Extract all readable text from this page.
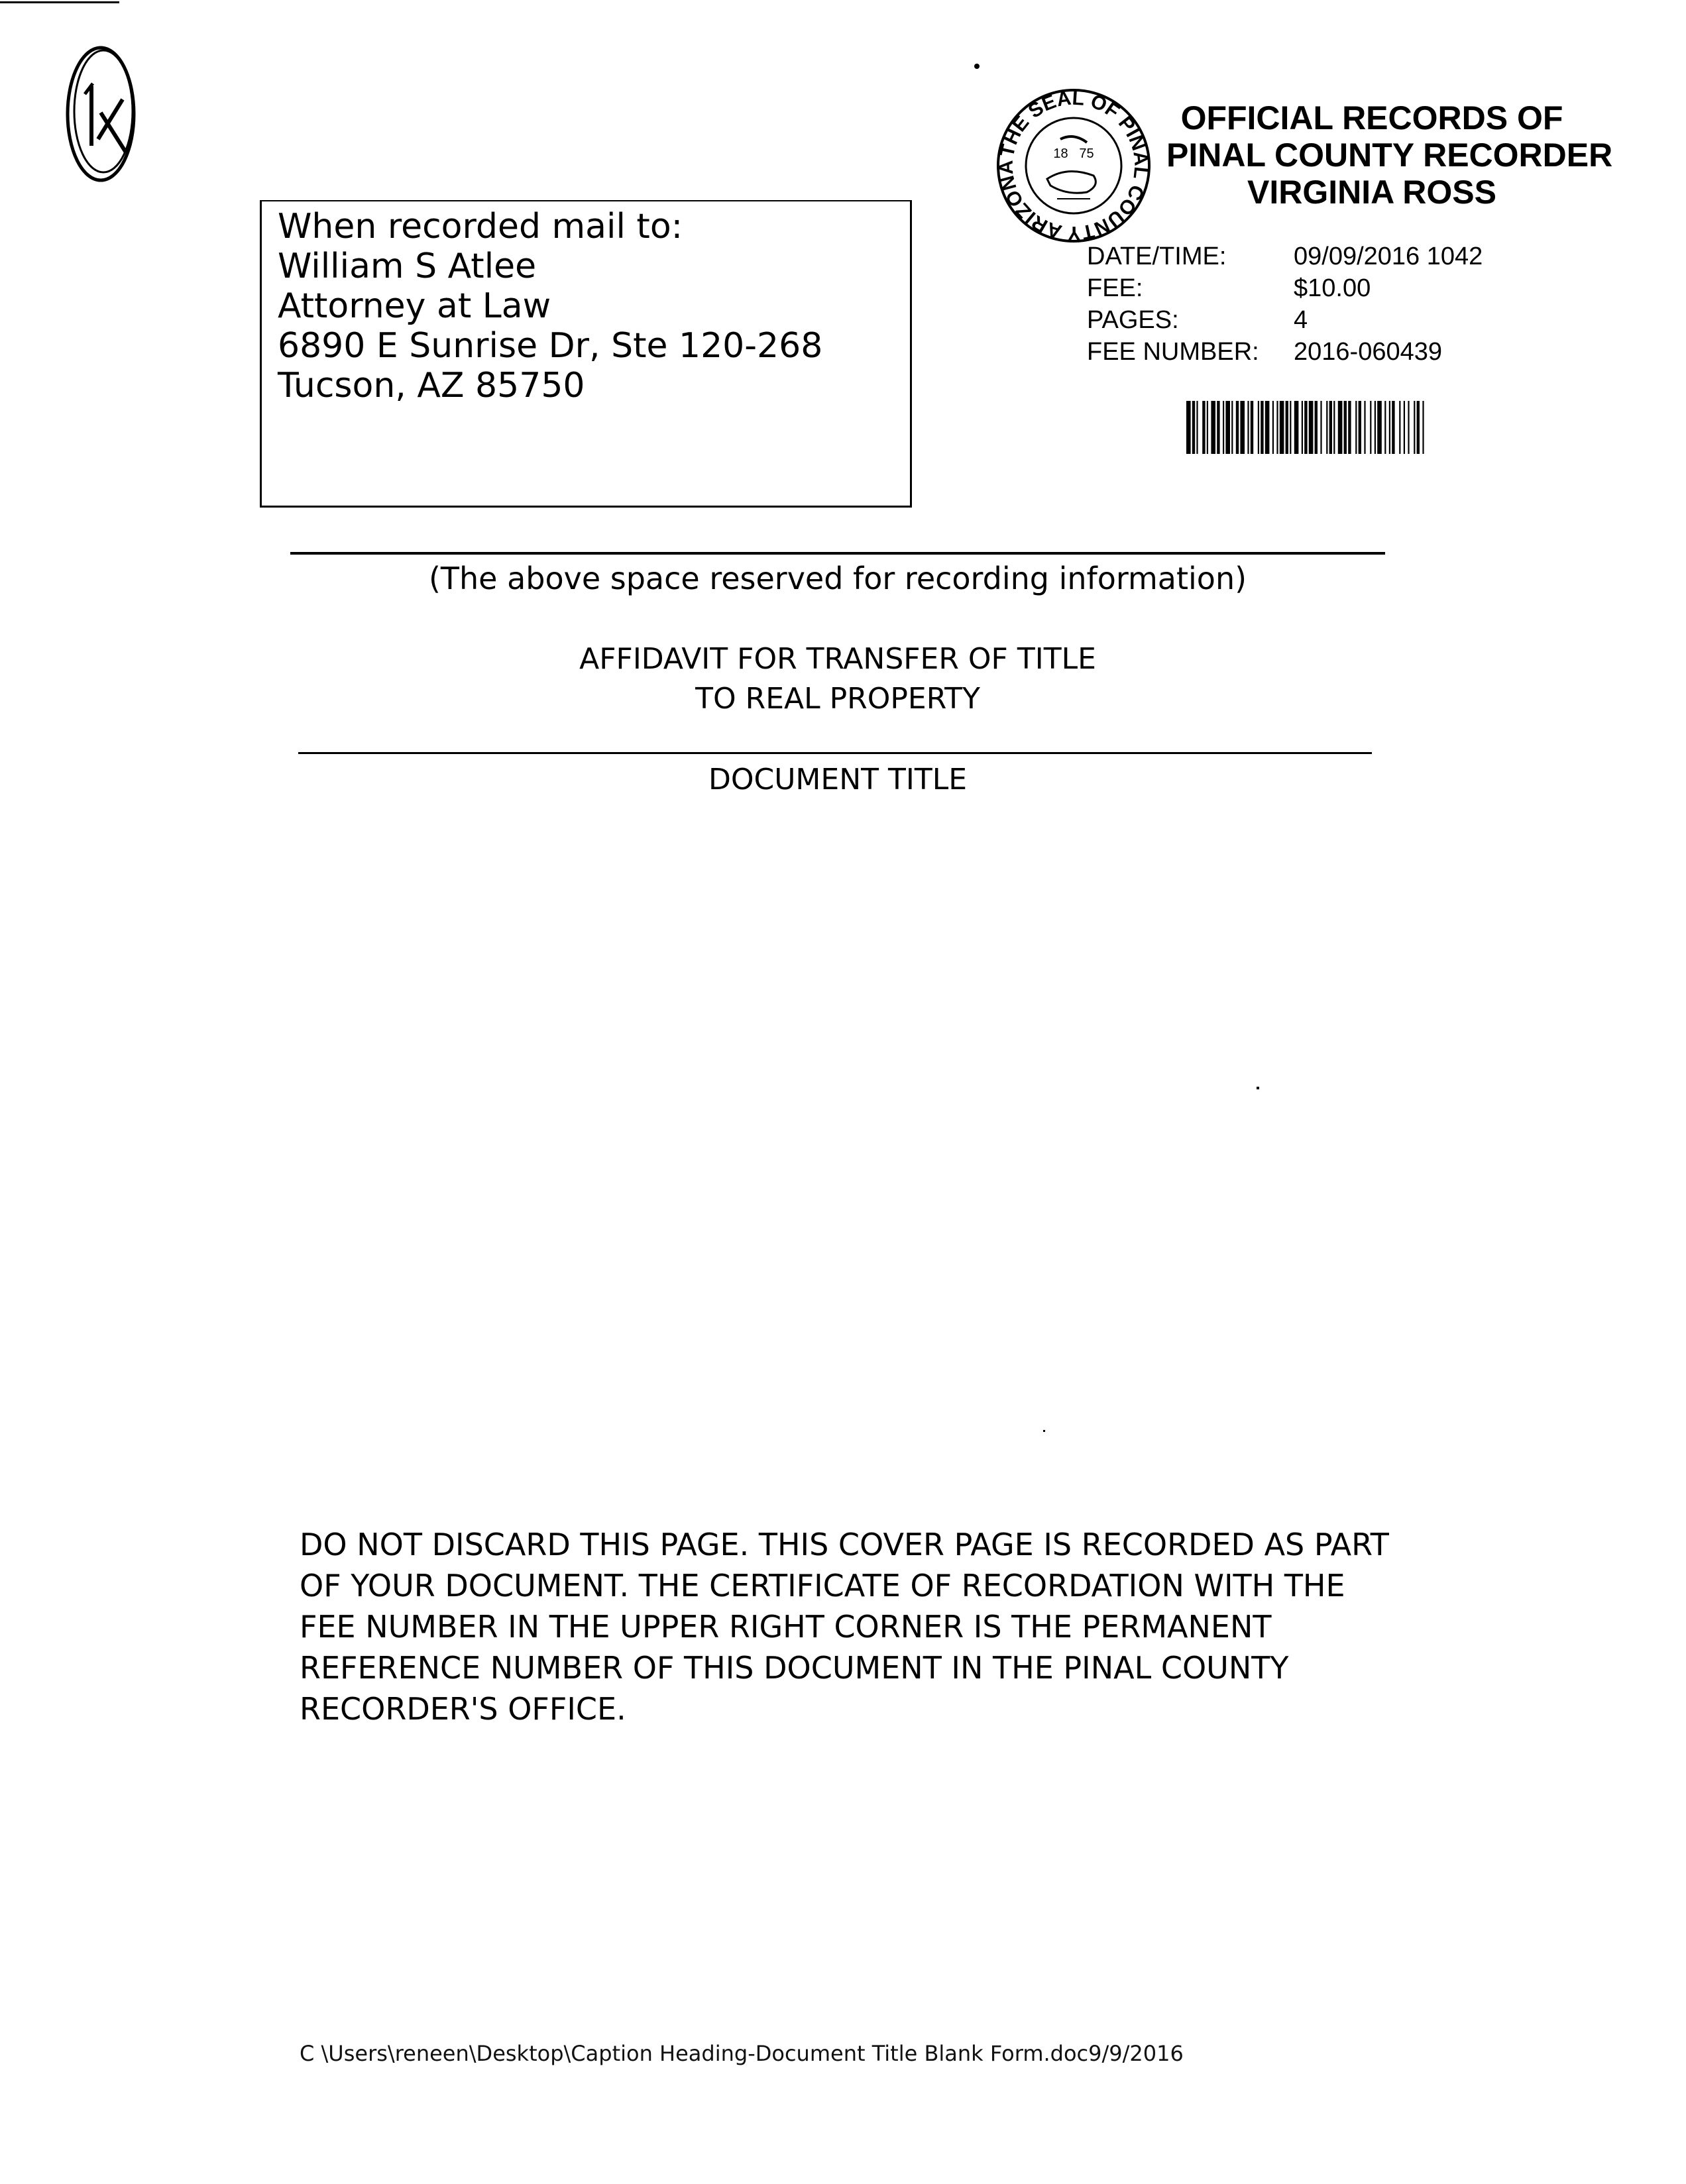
When recorded mail to:
William S Atlee
Attorney at Law
6890 E Sunrise Dr, Ste 120-268
Tucson, AZ 85750
THE SEAL OF PINAL COUNTY ARIZONA
18   75
OFFICIAL RECORDS OF
PINAL COUNTY RECORDER
VIRGINIA ROSS
DATE/TIME:	09/09/2016 1042
FEE:	$10.00
PAGES:	4
FEE NUMBER: 2016-060439
(The above space reserved for recording information)
AFFIDAVIT FOR TRANSFER OF TITLE
TO REAL PROPERTY
DOCUMENT TITLE
DO NOT DISCARD THIS PAGE. THIS COVER PAGE IS RECORDED AS PART
OF YOUR DOCUMENT. THE CERTIFICATE OF RECORDATION WITH THE
FEE NUMBER IN THE UPPER RIGHT CORNER IS THE PERMANENT
REFERENCE NUMBER OF THIS DOCUMENT IN THE PINAL COUNTY
RECORDER'S OFFICE.
C \Users\reneen\Desktop\Caption Heading-Document Title Blank Form.doc9/9/2016
